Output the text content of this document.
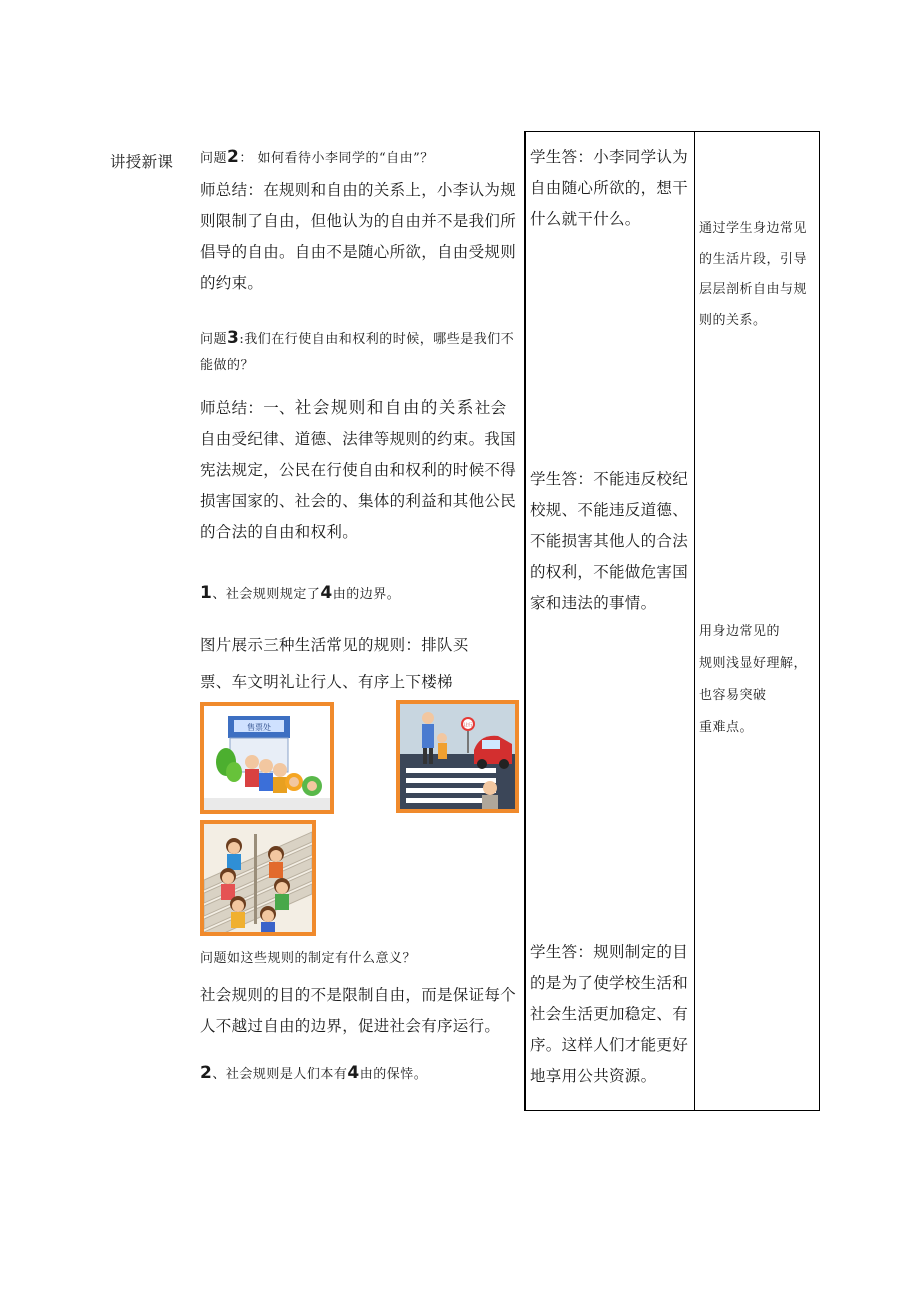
讲授新课 问题2： 如何看待小李同学的“自由”？
师总结：在规则和自由的关系上，小李认为规则限制了自由，但他认为的自由并不是我们所倡导的自由。自由不是随心所欲，自由受规则的约束。
问题3:我们在行使自由和权利的时候，哪些是我们不能做的？
师总结：一、社会规则和自由的关系社会自由受纪律、道德、法律等规则的约束。我国宪法规定，公民在行使自由和权利的时候不得损害国家的、社会的、集体的利益和其他公民的合法的自由和权利。
1、社会规则规定了4由的边界。
图片展示三种生活常见的规则：排队买票、车文明礼让行人、有序上下楼梯
售票处	让行
问题如这些规则的制定有什么意义？
社会规则的目的不是限制自由，而是保证每个人不越过自由的边界，促进社会有序运行。
2、社会规则是人们本有4由的保悻。
学生答：小李同学认为自由随心所欲的，想干什么就干什么。
学生答：不能违反校纪校规、不能违反道德、不能损害其他人的合法的权利，不能做危害国家和违法的事情。
学生答：规则制定的目的是为了使学校生活和社会生活更加稳定、有序。这样人们才能更好地享用公共资源。
通过学生身边常见的生活片段，引导层层剖析自由与规则的关系。
用身边常见的
规则浅显好理解，
也容易突破
重难点。
